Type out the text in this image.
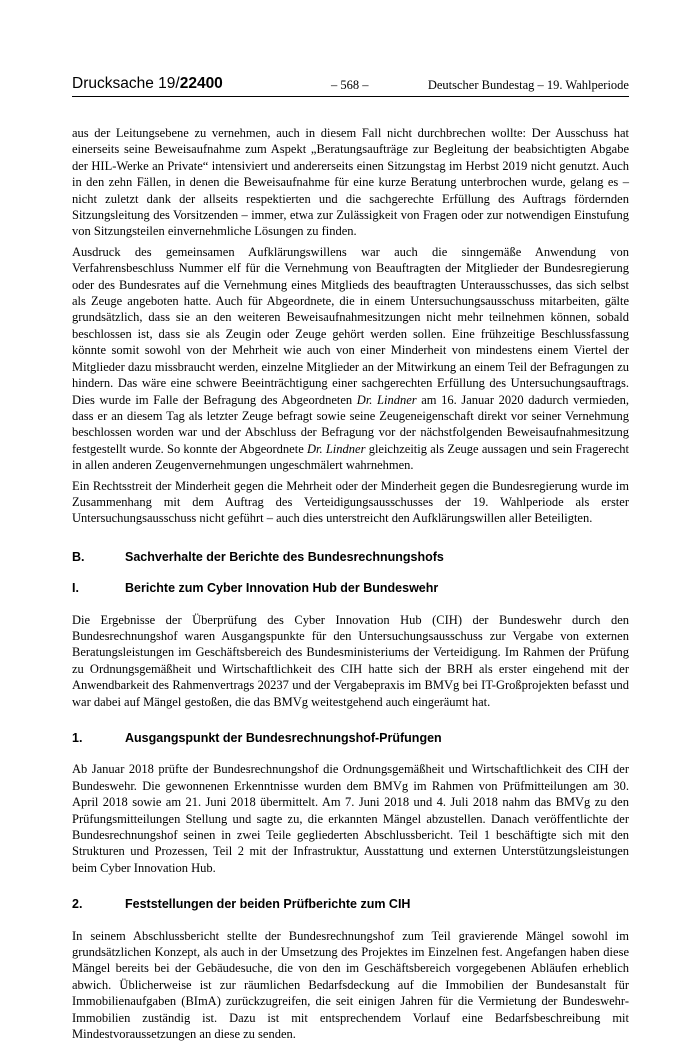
Drucksache 19/22400	– 568 –	Deutscher Bundestag – 19. Wahlperiode

aus der Leitungsebene zu vernehmen, auch in diesem Fall nicht durchbrechen wollte: Der Ausschuss hat einerseits seine Beweisaufnahme zum Aspekt „Beratungsaufträge zur Begleitung der beabsichtigten Abgabe der HIL-Werke an Private“ intensiviert und andererseits einen Sitzungstag im Herbst 2019 nicht genutzt. Auch in den zehn Fällen, in denen die Beweisaufnahme für eine kurze Beratung unterbrochen wurde, gelang es – nicht zuletzt dank der allseits respektierten und die sachgerechte Erfüllung des Auftrags fördernden Sitzungsleitung des Vorsitzenden – immer, etwa zur Zulässigkeit von Fragen oder zur notwendigen Einstufung von Sitzungsteilen einvernehmliche Lösungen zu finden.

Ausdruck des gemeinsamen Aufklärungswillens war auch die sinngemäße Anwendung von Verfahrensbeschluss Nummer elf für die Vernehmung von Beauftragten der Mitglieder der Bundesregierung oder des Bundesrates auf die Vernehmung eines Mitglieds des beauftragten Unterausschusses, das sich selbst als Zeuge angeboten hatte. Auch für Abgeordnete, die in einem Untersuchungsausschuss mitarbeiten, gälte grundsätzlich, dass sie an den weiteren Beweisaufnahmesitzungen nicht mehr teilnehmen können, sobald beschlossen ist, dass sie als Zeugin oder Zeuge gehört werden sollen. Eine frühzeitige Beschlussfassung könnte somit sowohl von der Mehrheit wie auch von einer Minderheit von mindestens einem Viertel der Mitglieder dazu missbraucht werden, einzelne Mitglieder an der Mitwirkung an einem Teil der Befragungen zu hindern. Das wäre eine schwere Beeinträchtigung einer sachgerechten Erfüllung des Untersuchungsauftrags. Dies wurde im Falle der Befragung des Abgeordneten Dr. Lindner am 16. Januar 2020 dadurch vermieden, dass er an diesem Tag als letzter Zeuge befragt sowie seine Zeugeneigenschaft direkt vor seiner Vernehmung beschlossen worden war und der Abschluss der Befragung vor der nächstfolgenden Beweisaufnahmesitzung festgestellt wurde. So konnte der Abgeordnete Dr. Lindner gleichzeitig als Zeuge aussagen und sein Fragerecht in allen anderen Zeugenvernehmungen ungeschmälert wahrnehmen.

Ein Rechtsstreit der Minderheit gegen die Mehrheit oder der Minderheit gegen die Bundesregierung wurde im Zusammenhang mit dem Auftrag des Verteidigungsausschusses der 19. Wahlperiode als erster Untersuchungsausschuss nicht geführt – auch dies unterstreicht den Aufklärungswillen aller Beteiligten.

B.	Sachverhalte der Berichte des Bundesrechnungshofs
I.	Berichte zum Cyber Innovation Hub der Bundeswehr

Die Ergebnisse der Überprüfung des Cyber Innovation Hub (CIH) der Bundeswehr durch den Bundesrechnungshof waren Ausgangspunkte für den Untersuchungsausschuss zur Vergabe von externen Beratungsleistungen im Geschäftsbereich des Bundesministeriums der Verteidigung. Im Rahmen der Prüfung zu Ordnungsgemäßheit und Wirtschaftlichkeit des CIH hatte sich der BRH als erster eingehend mit der Anwendbarkeit des Rahmenvertrags 20237 und der Vergabepraxis im BMVg bei IT-Großprojekten befasst und war dabei auf Mängel gestoßen, die das BMVg weitestgehend auch eingeräumt hat.

1.	Ausgangspunkt der Bundesrechnungshof-Prüfungen

Ab Januar 2018 prüfte der Bundesrechnungshof die Ordnungsgemäßheit und Wirtschaftlichkeit des CIH der Bundeswehr. Die gewonnenen Erkenntnisse wurden dem BMVg im Rahmen von Prüfmitteilungen am 30. April 2018 sowie am 21. Juni 2018 übermittelt. Am 7. Juni 2018 und 4. Juli 2018 nahm das BMVg zu den Prüfungsmitteilungen Stellung und sagte zu, die erkannten Mängel abzustellen. Danach veröffentlichte der Bundesrechnungshof seinen in zwei Teile gegliederten Abschlussbericht. Teil 1 beschäftigte sich mit den Strukturen und Prozessen, Teil 2 mit der Infrastruktur, Ausstattung und externen Unterstützungsleistungen beim Cyber Innovation Hub.

2.	Feststellungen der beiden Prüfberichte zum CIH

In seinem Abschlussbericht stellte der Bundesrechnungshof zum Teil gravierende Mängel sowohl im grundsätzlichen Konzept, als auch in der Umsetzung des Projektes im Einzelnen fest. Angefangen haben diese Mängel bereits bei der Gebäudesuche, die von den im Geschäftsbereich vorgegebenen Abläufen erheblich abwich. Üblicherweise ist zur räumlichen Bedarfsdeckung auf die Immobilien der Bundesanstalt für Immobilienaufgaben (BImA) zurückzugreifen, die seit einigen Jahren für die Vermietung der Bundeswehr-Immobilien zuständig ist. Dazu ist mit entsprechendem Vorlauf eine Bedarfsbeschreibung mit Mindestvoraussetzungen an diese zu senden.
